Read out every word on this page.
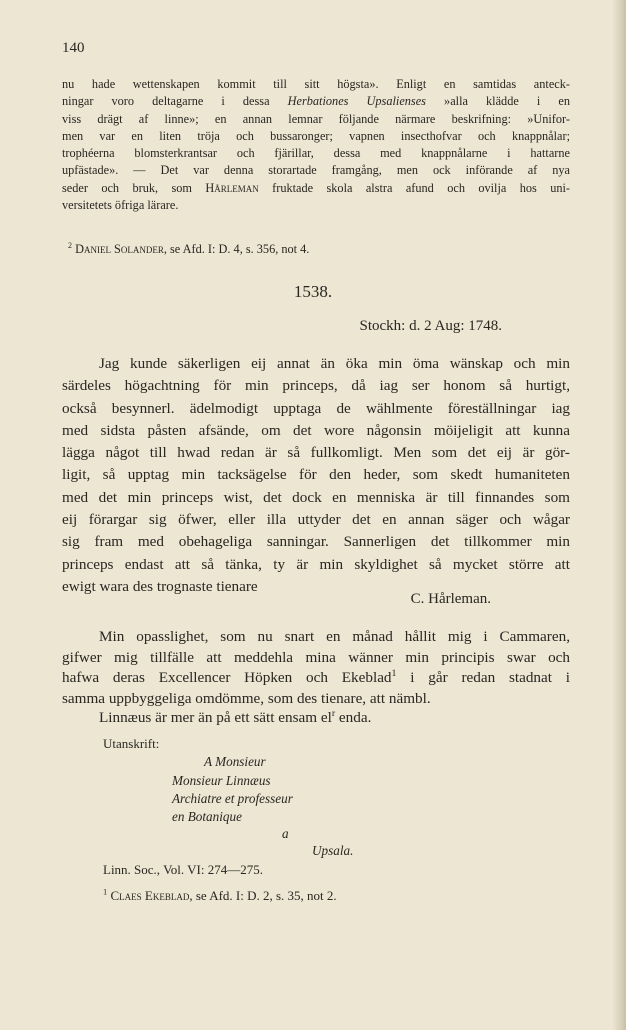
140
nu hade wettenskapen kommit till sitt högsta». Enligt en samtidas anteck-
ningar voro deltagarne i dessa Herbationes Upsalienses »alla klädde i en
viss drägt af linne»; en annan lemnar följande närmare beskrifning: »Unifor-
men var en liten tröja och bussaronger; vapnen insecthofvar och knappnålar;
trophéerna blomsterkrantsar och fjärillar, dessa med knappnålarne i hattarne
upfästade». — Det var denna storartade framgång, men ock införande af nya
seder och bruk, som Hårleman fruktade skola alstra afund och ovilja hos uni-
versitetets öfriga lärare.
$^2$ Daniel Solander, se Afd. I: D. 4, s. 356, not 4.
1538.
Stockh: d. 2 Aug: 1748.
Jag kunde säkerligen eij annat än öka min öma wänskap och min
särdeles högachtning för min princeps, då iag ser honom så hurtigt,
också besynnerl. ädelmodigt upptaga de wählmente föreställningar iag
med sidsta påsten afsände, om det wore någonsin möijeligit att kunna
lägga något till hwad redan är så fullkomligt. Men som det eij är gör-
ligit, så upptag min tacksägelse för den heder, som skedt humaniteten
med det min princeps wist, det dock en menniska är till finnandes som
eij förargar sig öfwer, eller illa uttyder det en annan säger och wågar
sig fram med obehageliga sanningar. Sannerligen det tillkommer min
princeps endast att så tänka, ty är min skyldighet så mycket större att
ewigt wara des trognaste tienare
C. Hårleman.
Min opasslighet, som nu snart en månad hållit mig i Cammaren,
gifwer mig tillfälle att meddehla mina wänner min principis swar och
hafwa deras Excellencer Höpken och Ekeblad$^1$ i går redan stadnat i
samma uppbyggeliga omdömme, som des tienare, att nämbl.
Linnæus är mer än på ett sätt ensam $el^r$ enda.
Utanskrift:
A Monsieur
Monsieur Linnæus
Archiatre et professeur
en Botanique
a
Upsala.
Linn. Soc., Vol. VI: 274—275.
$^1$ Claes Ekeblad, se Afd. I: D. 2, s. 35, not 2.
